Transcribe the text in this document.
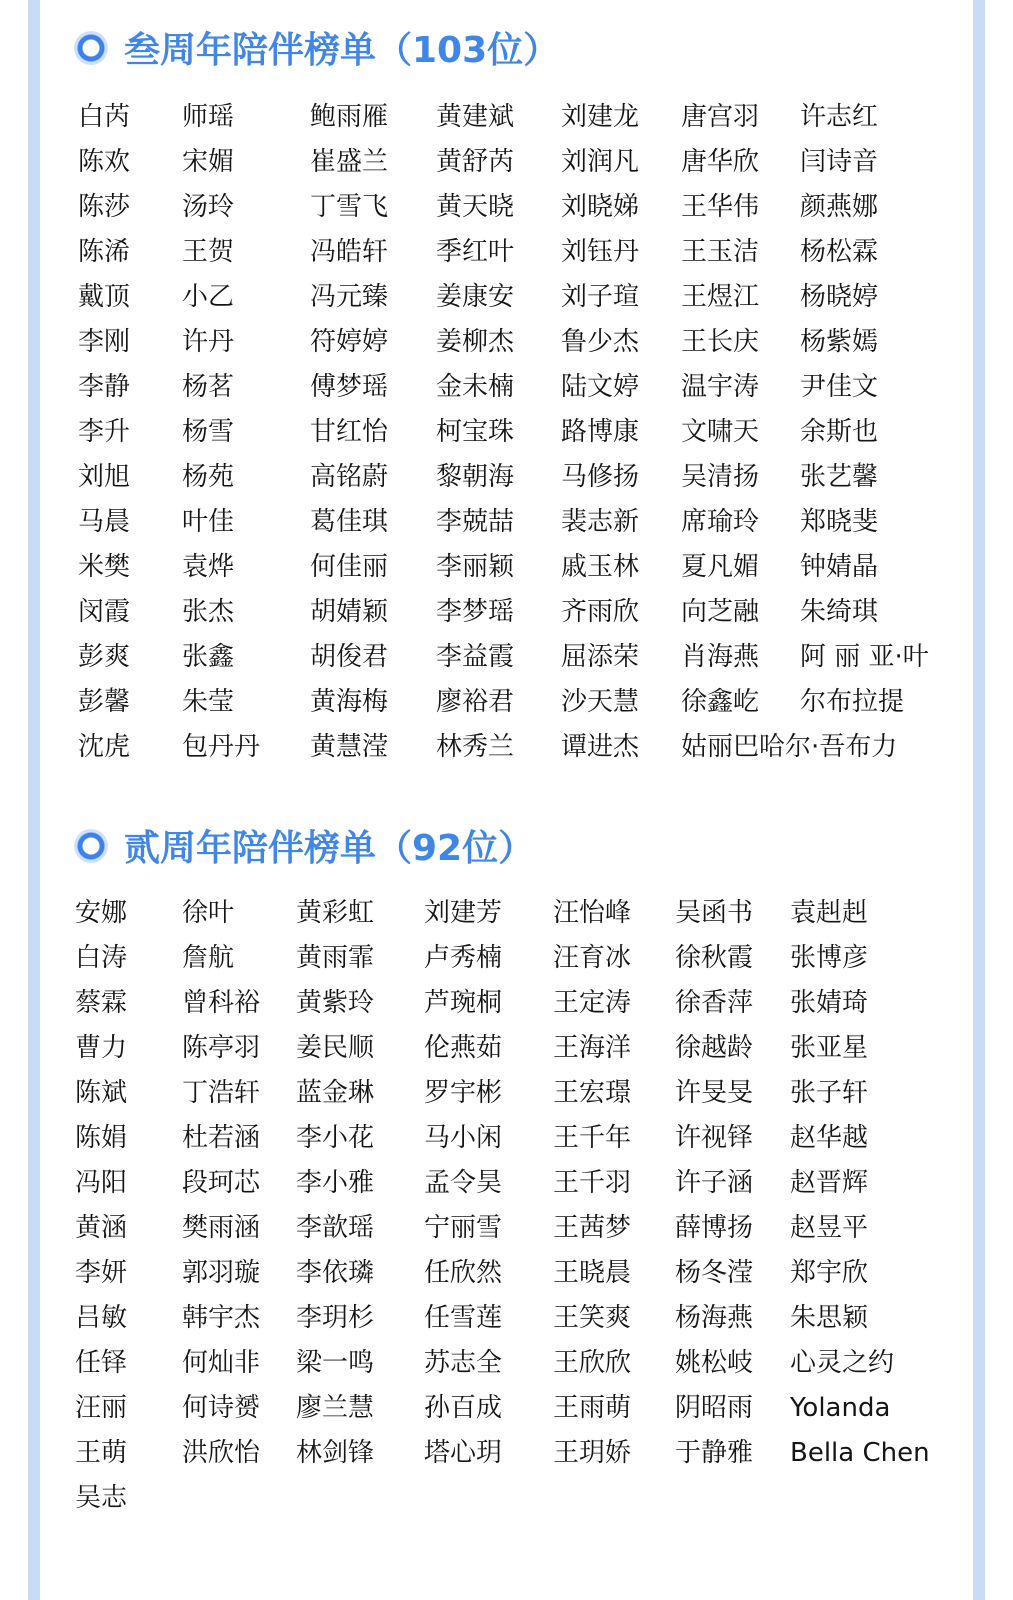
叁周年陪伴榜单（103位）
白芮 师瑶	鲍雨雁 黄建斌 刘建龙 唐宫羽 许志红
陈欢 宋媚	崔盛兰 黄舒芮 刘润凡 唐华欣 闫诗音
陈莎 汤玲	丁雪飞 黄天晓 刘晓娣 王华伟 颜燕娜
陈浠 王贺	冯皓轩 季红叶 刘钰丹 王玉洁 杨松霖
戴顶 小乙	冯元臻 姜康安 刘子瑄 王煜江 杨晓婷
李刚 许丹	符婷婷 姜柳杰 鲁少杰 王长庆 杨紫嫣
李静 杨茗	傅梦瑶 金未楠 陆文婷 温宇涛 尹佳文
李升 杨雪	甘红怡 柯宝珠 路博康 文啸天 余斯也
刘旭 杨苑	高铭蔚 黎朝海 马修扬 吴清扬 张艺馨
马晨 叶佳	葛佳琪 李兢喆 裴志新 席瑜玲 郑晓斐
米樊 袁烨	何佳丽 李丽颖 戚玉林 夏凡媚 钟婧晶
闵霞 张杰	胡婧颖 李梦瑶 齐雨欣 向芝融 朱绮琪
彭爽 张鑫	胡俊君 李益霞 屈添荣 肖海燕 阿 丽 亚·叶
彭馨 朱莹	黄海梅 廖裕君 沙天慧 徐鑫屹 尔布拉提
沈虎 包丹丹 黄慧滢 林秀兰 谭进杰 姑丽巴哈尔·吾布力
贰周年陪伴榜单（92位）
安娜 徐叶 黄彩虹 刘建芳 汪怡峰 吴函书 袁赳赳
白涛 詹航 黄雨霏 卢秀楠 汪育冰 徐秋霞 张博彦
蔡霖 曾科裕 黄紫玲 芦琬桐 王定涛 徐香萍 张婧琦
曹力 陈亭羽 姜民顺 伦燕茹 王海洋 徐越龄 张亚星
陈斌 丁浩轩 蓝金琳 罗宇彬 王宏璟 许旻旻 张子轩
陈娟 杜若涵 李小花 马小闲 王千年 许视铎 赵华越
冯阳 段珂芯 李小雅 孟令昊 王千羽 许子涵 赵晋辉
黄涵 樊雨涵 李歆瑶 宁丽雪 王茜梦 薛博扬 赵昱平
李妍 郭羽璇 李依璘 任欣然 王晓晨 杨冬滢 郑宇欣
吕敏 韩宇杰 李玥杉 任雪莲 王笑爽 杨海燕 朱思颖
任铎 何灿非 梁一鸣 苏志全 王欣欣 姚松岐 心灵之约
汪丽 何诗赟 廖兰慧 孙百成 王雨萌 阴昭雨 Yolanda
王萌 洪欣怡 林剑锋 塔心玥 王玥娇 于静雅 Bella Chen
吴志
